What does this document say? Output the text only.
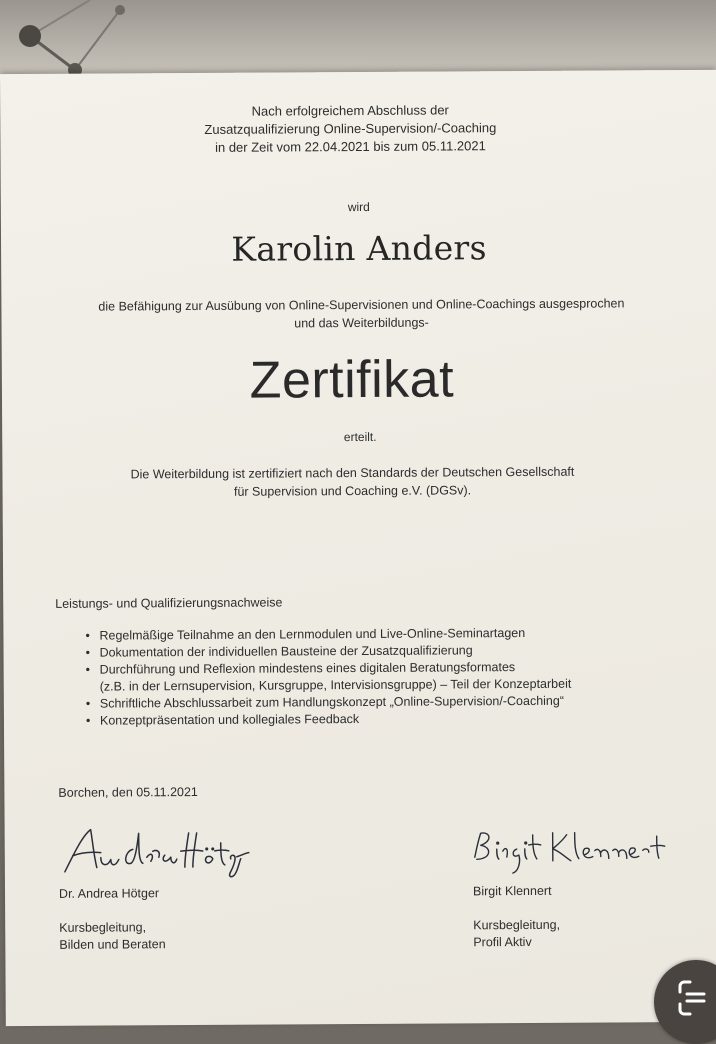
Nach erfolgreichem Abschluss der
Zusatzqualifizierung Online-Supervision/-Coaching
in der Zeit vom 22.04.2021 bis zum 05.11.2021
wird
Karolin Anders
die Befähigung zur Ausübung von Online-Supervisionen und Online-Coachings ausgesprochen
und das Weiterbildungs-
Zertifikat
erteilt.
Die Weiterbildung ist zertifiziert nach den Standards der Deutschen Gesellschaft
für Supervision und Coaching e.V. (DGSv).
Leistungs- und Qualifizierungsnachweise
• Regelmäßige Teilnahme an den Lernmodulen und Live-Online-Seminartagen
• Dokumentation der individuellen Bausteine der Zusatzqualifizierung
• Durchführung und Reflexion mindestens eines digitalen Beratungsformates
(z.B. in der Lernsupervision, Kursgruppe, Intervisionsgruppe) – Teil der Konzeptarbeit
• Schriftliche Abschlussarbeit zum Handlungskonzept „Online-Supervision/-Coaching“
• Konzeptpräsentation und kollegiales Feedback
Borchen, den 05.11.2021
Dr. Andrea Hötger
Kursbegleitung,
Bilden und Beraten
Birgit Klennert
Kursbegleitung,
Profil Aktiv
